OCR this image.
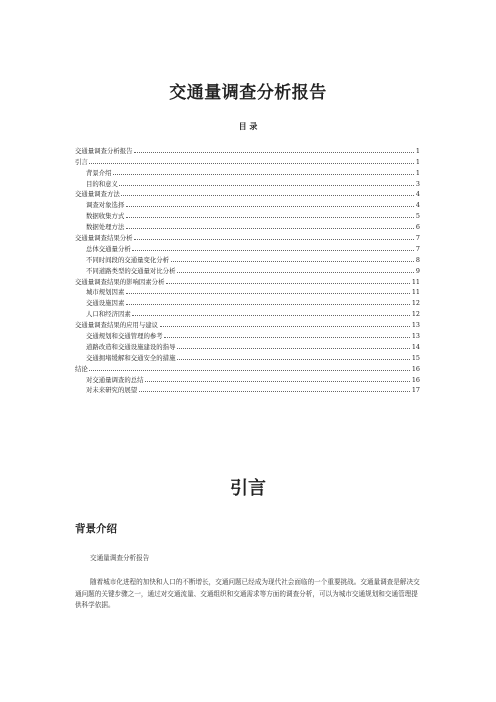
交通量调查分析报告
目 录
交通量调查分析报告	1
引言	1
背景介绍	1
目的和意义	3
交通量调查方法	4
调查对象选择	4
数据收集方式	5
数据处理方法	6
交通量调查结果分析	7
总体交通量分析	7
不同时间段的交通量变化分析	8
不同道路类型的交通量对比分析	9
交通量调查结果的影响因素分析	11
城市规划因素	11
交通设施因素	12
人口和经济因素	12
交通量调查结果的应用与建议	13
交通规划和交通管理的参考	13
道路改造和交通设施建设的指导	14
交通拥堵缓解和交通安全的措施	15
结论	16
对交通量调查的总结	16
对未来研究的展望	17
引言
背景介绍
交通量调查分析报告
随着城市化进程的加快和人口的不断增长，交通问题已经成为现代社会面临的一个重要挑战。交通量调查是解决交通问题的关键步骤之一，通过对交通流量、交通组织和交通需求等方面的调查分析，可以为城市交通规划和交通管理提供科学依据。
